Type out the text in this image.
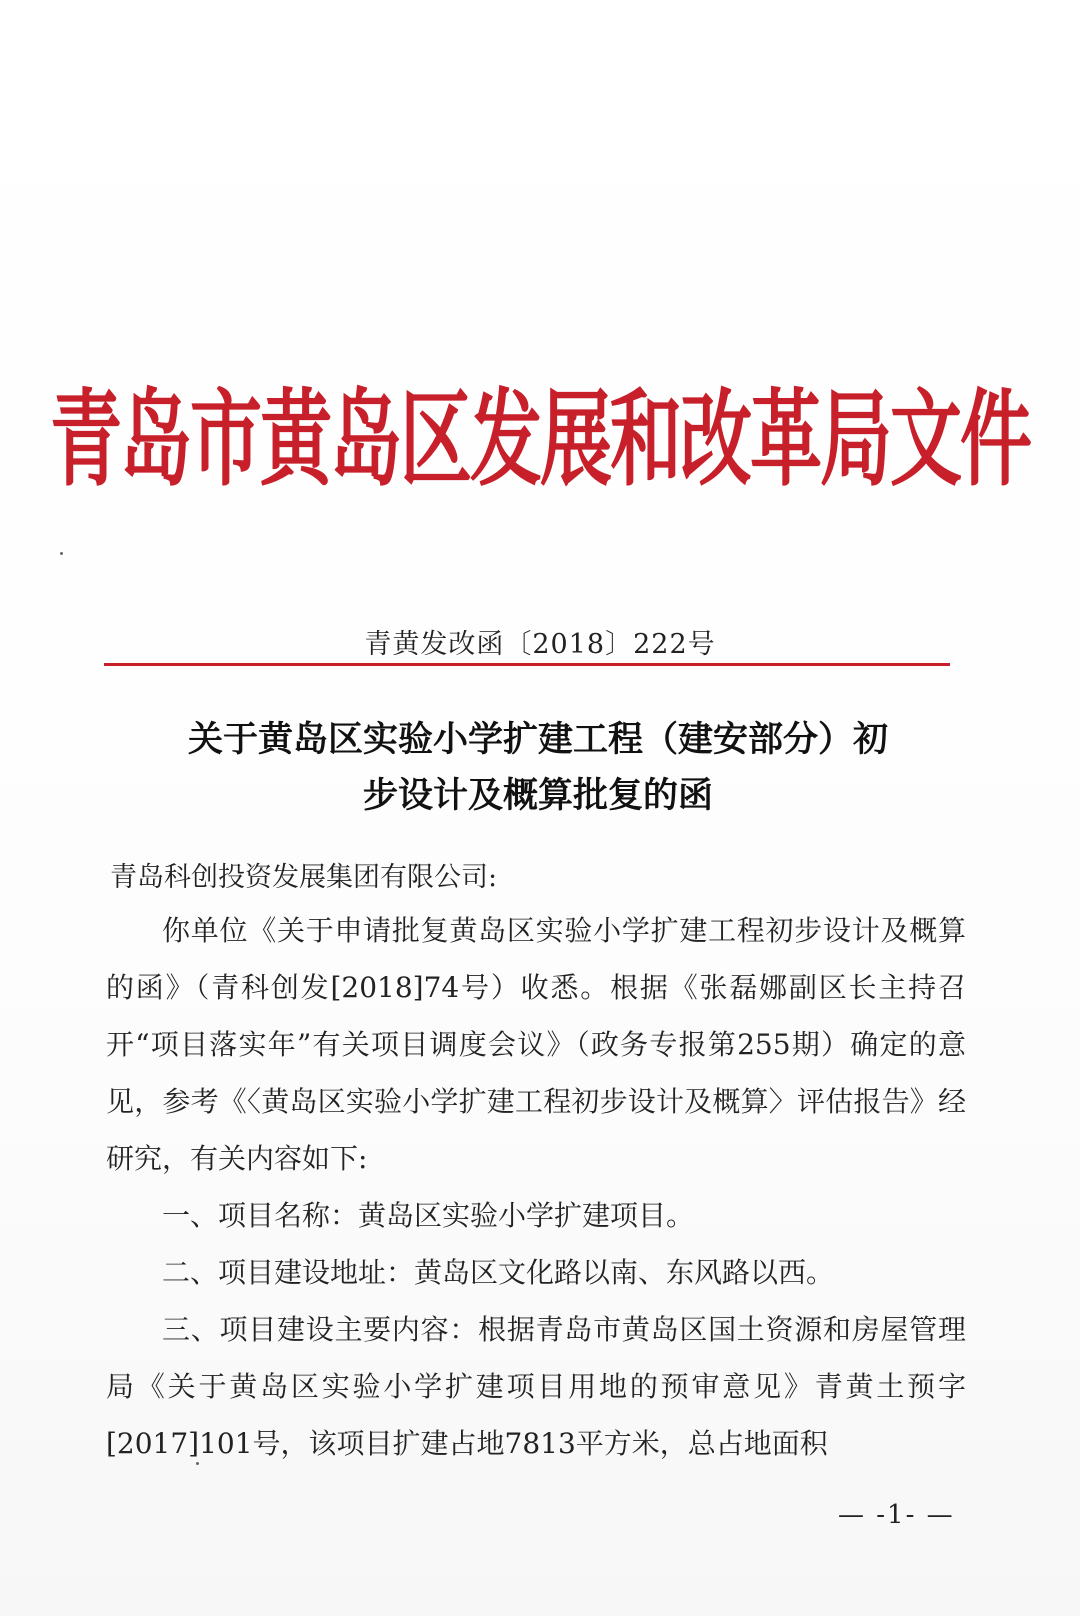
青岛市黄岛区发展和改革局文件
青黄发改函〔2018〕222号
关于黄岛区实验小学扩建工程（建安部分）初
步设计及概算批复的函
青岛科创投资发展集团有限公司:

你单位《关于申请批复黄岛区实验小学扩建工程初步设计及概算的函》（青科创发[2018]74号）收悉。根据《张磊娜副区长主持召开“项目落实年”有关项目调度会议》（政务专报第255期）确定的意见，参考《〈黄岛区实验小学扩建工程初步设计及概算〉评估报告》经研究，有关内容如下:

一、项目名称：黄岛区实验小学扩建项目。

二、项目建设地址：黄岛区文化路以南、东风路以西。

三、项目建设主要内容：根据青岛市黄岛区国土资源和房屋管理局《关于黄岛区实验小学扩建项目用地的预审意见》青黄土预字[2017]101号，该项目扩建占地7813平方米，总占地面积

— -1- —
